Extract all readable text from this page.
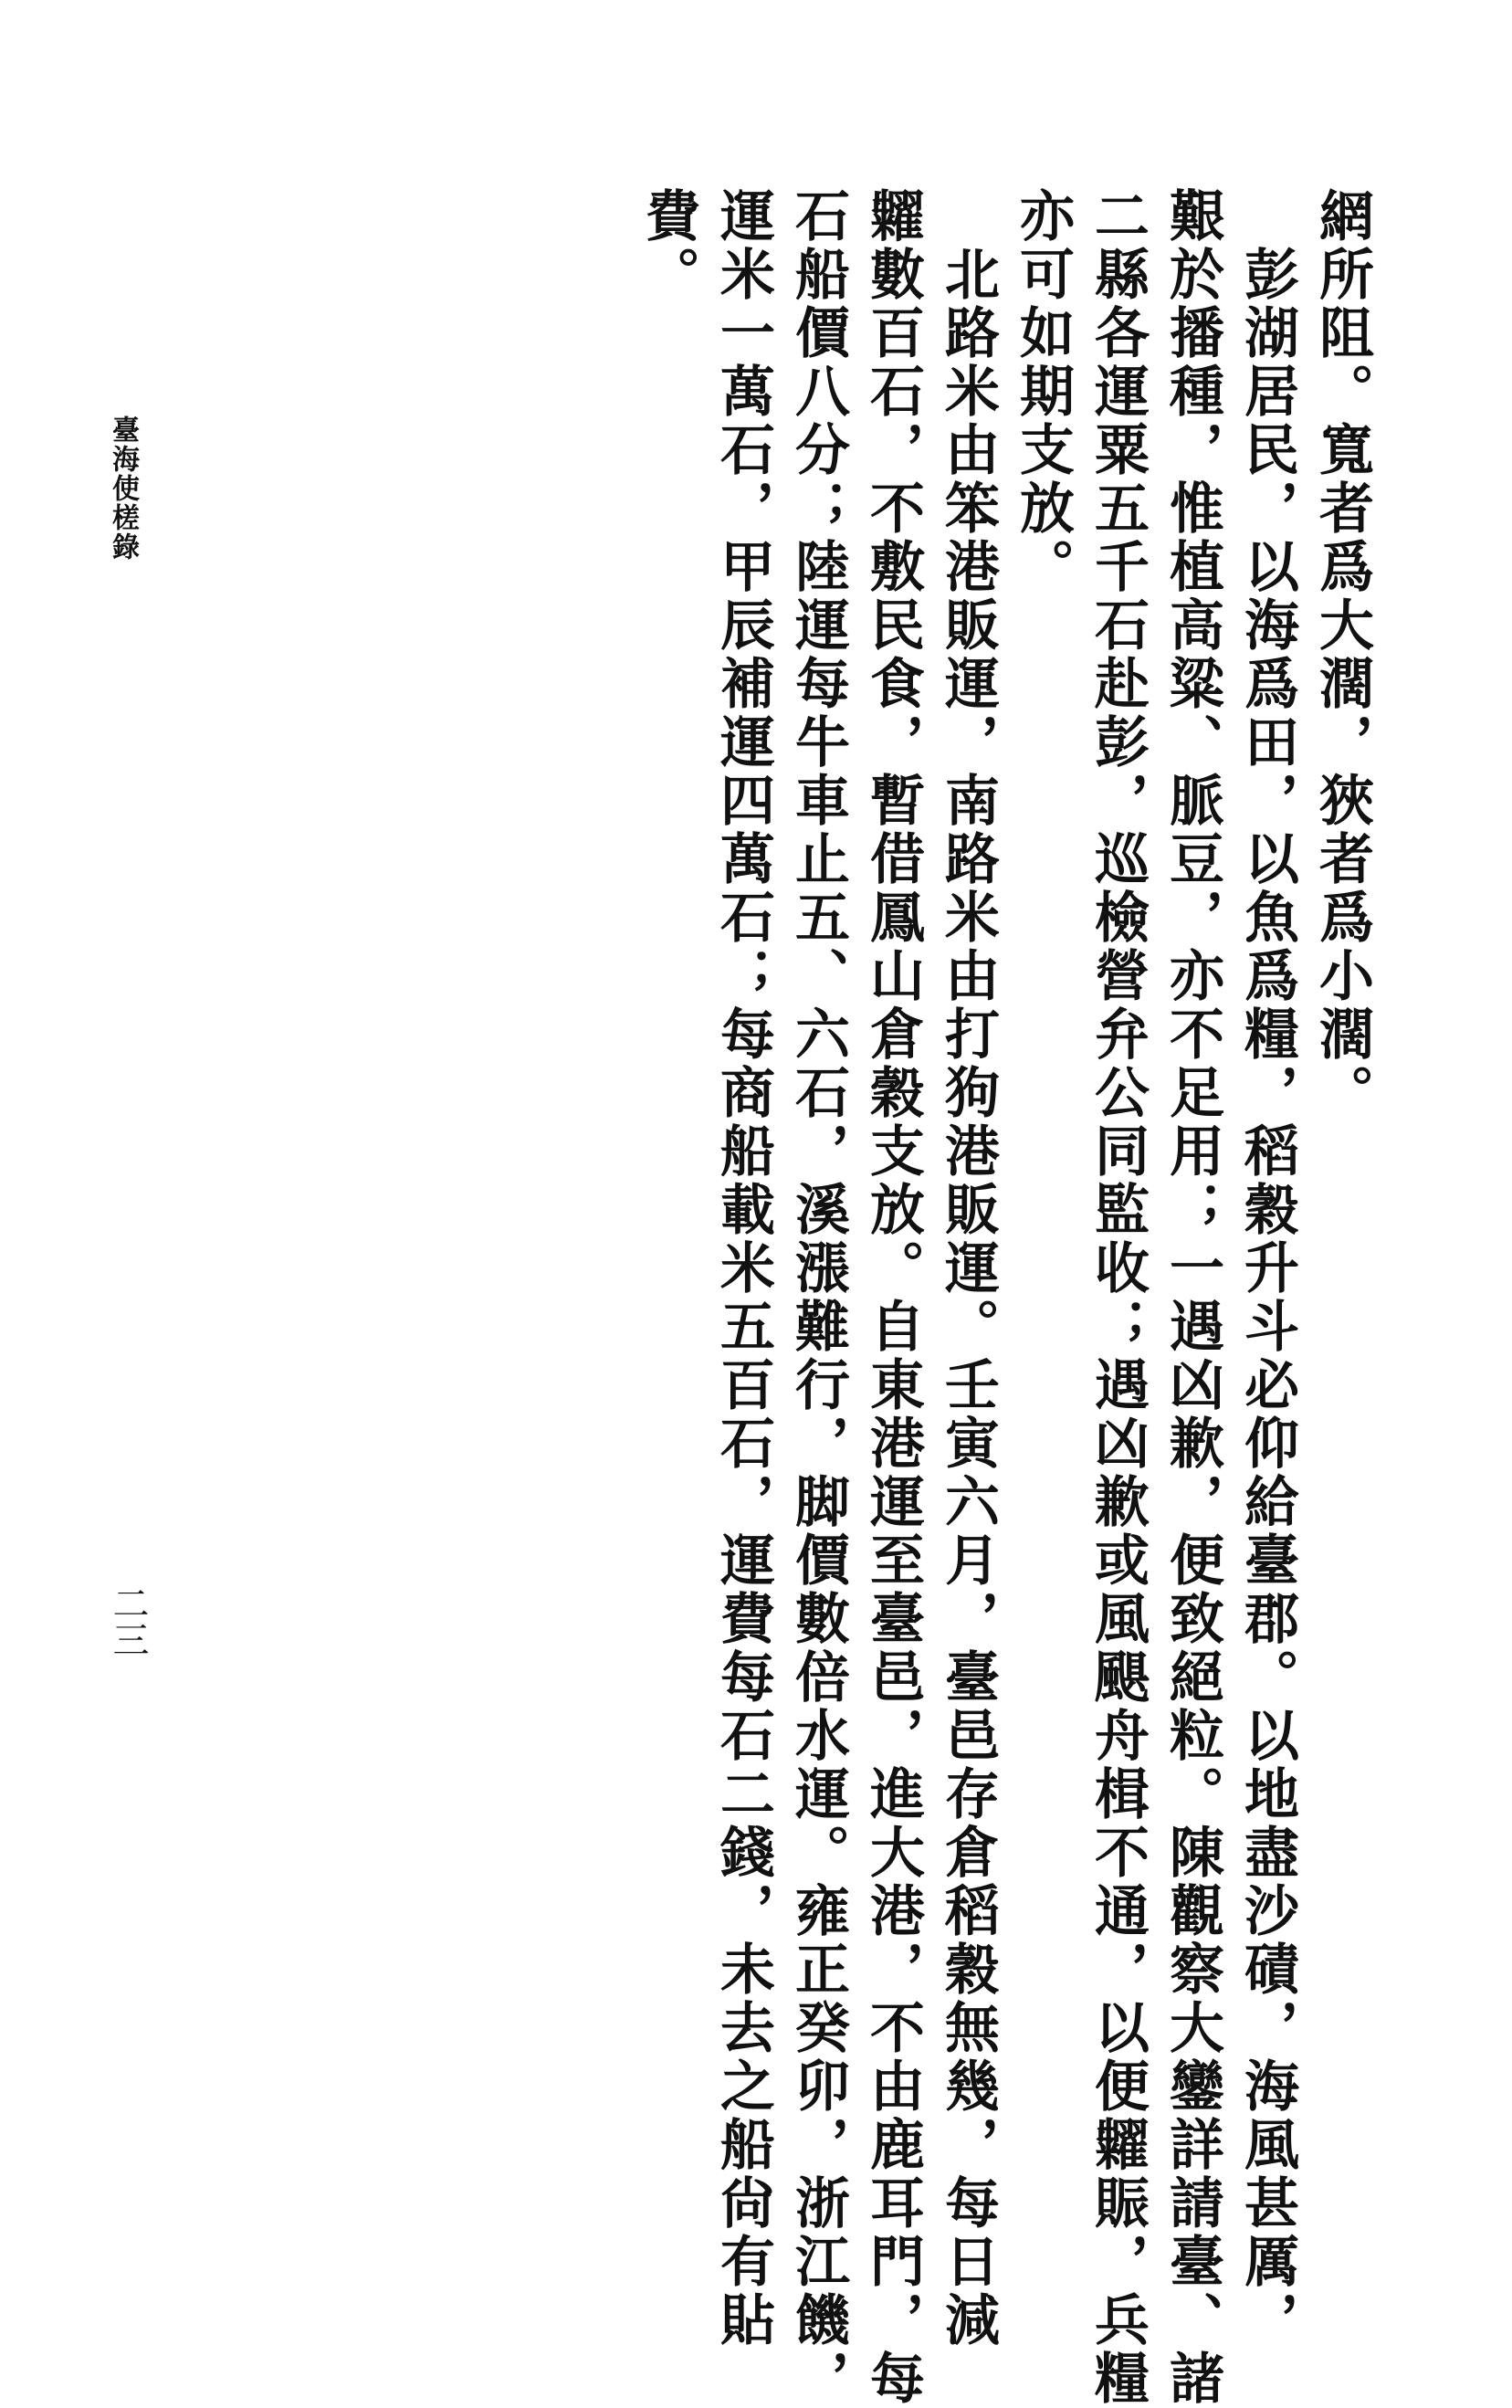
臺海使槎錄
二三
網所阻。寬者爲大濶，狹者爲小濶。
　彭湖居民，以海爲田，以魚爲糧，稻穀升斗必仰給臺郡。以地盡沙磧，海風甚厲，
艱於播種，惟植高粱、脈豆，亦不足用；一遇凶歉，便致絕粒。陳觀察大鑾詳請臺、諸
二縣各運粟五千石赴彭，巡檢營弁公同監收；遇凶歉或風颶舟楫不通，以便糶賑，兵糧
亦可如期支放。
　北路米由笨港販運，南路米由打狗港販運。壬寅六月，臺邑存倉稻穀無幾，每日減
糶數百石，不敷民食，暫借鳳山倉穀支放。自東港運至臺邑，進大港，不由鹿耳門，每
石船價八分；陸運每牛車止五、六石，溪漲難行，脚價數倍水運。雍正癸卯，浙江饑，
運米一萬石，甲辰補運四萬石；每商船載米五百石，運費每石二錢，未去之船尙有貼
費。
